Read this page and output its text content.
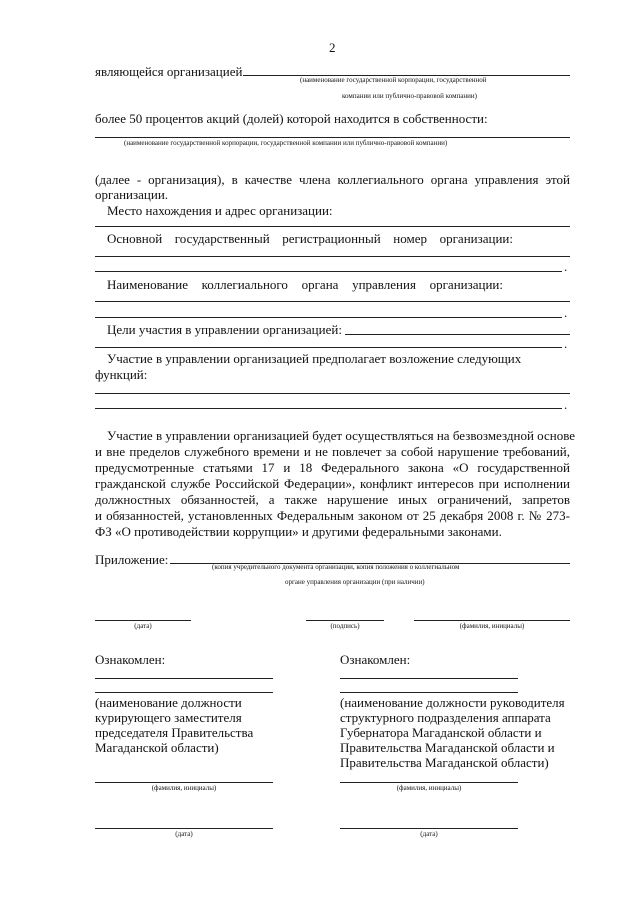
2
являющейся организацией
(наименование государственной корпорации, государственной
компании или публично-правовой компании)
более 50 процентов акций (долей) которой находится в собственности:
(наименование государственной корпорации, государственной компании или публично-правовой компании)
(далее - организация), в качестве члена коллегиального органа управления этой
организации.
Место нахождения и адрес организации:
Основной государственный регистрационный номер организации:
.
Наименование коллегиального органа управления организации:
.
Цели участия в управлении организацией:
.
Участие в управлении организацией предполагает возложение следующих
функций:
.
Участие в управлении организацией будет осуществляться на безвозмездной основе
и вне пределов служебного времени и не повлечет за собой нарушение требований,
предусмотренные статьями 17 и 18 Федерального закона «О государственной
гражданской службе Российской Федерации», конфликт интересов при исполнении
должностных обязанностей, а также нарушение иных ограничений, запретов
и обязанностей, установленных Федеральным законом от 25 декабря 2008 г. № 273-
ФЗ «О противодействии коррупции» и другими федеральными законами.
Приложение:	(копия учредительного документа организации, копия положения о коллегиальном
органе управления организации (при наличии)
(дата)	(подпись)	(фамилия, инициалы)
Ознакомлен:
(наименование должности
курирующего заместителя
председателя Правительства
Магаданской области)
(фамилия, инициалы)
(дата)
Ознакомлен:
(наименование должности руководителя
структурного подразделения аппарата
Губернатора Магаданской области и
Правительства Магаданской области и
Правительства Магаданской области)
(фамилия, инициалы)
(дата)
